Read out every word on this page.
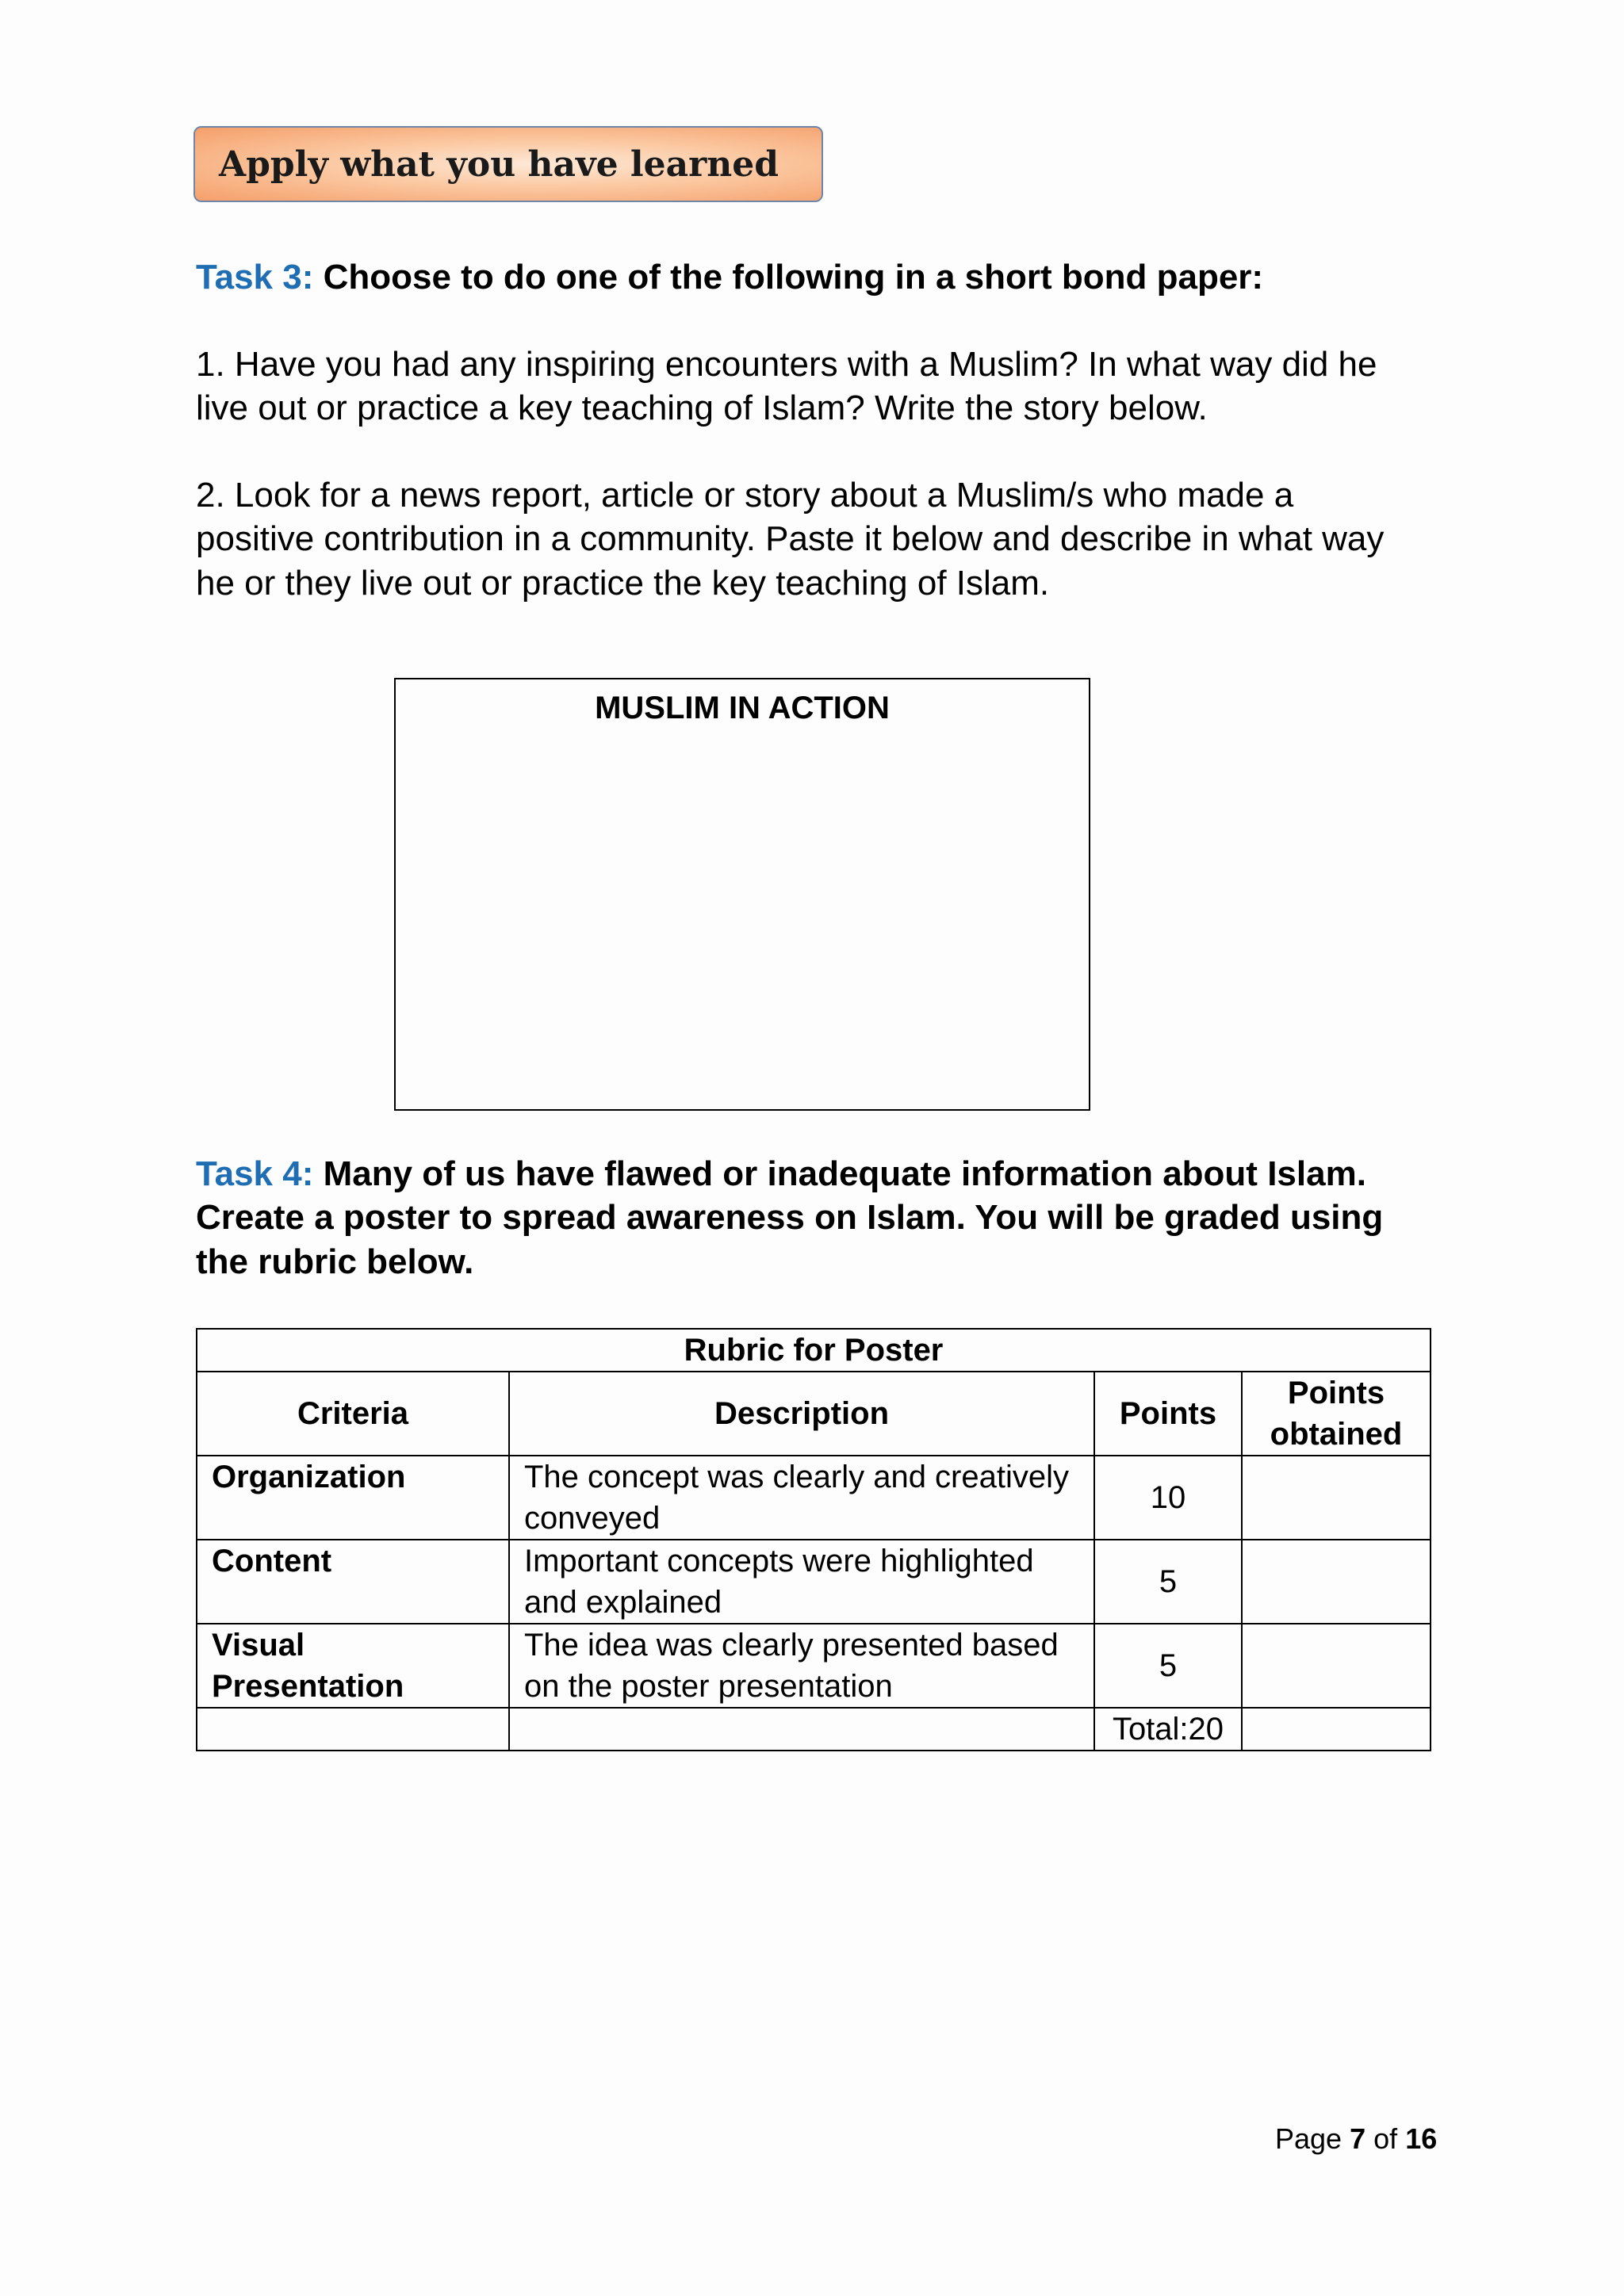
Apply what you have learned
Task 3: Choose to do one of the following in a short bond paper:
1. Have you had any inspiring encounters with a Muslim? In what way did he
live out or practice a key teaching of Islam? Write the story below.
2. Look for a news report, article or story about a Muslim/s who made a
positive contribution in a community. Paste it below and describe in what way
he or they live out or practice the key teaching of Islam.
MUSLIM IN ACTION
Task 4: Many of us have flawed or inadequate information about Islam.
Create a poster to spread awareness on Islam. You will be graded using
the rubric below.
Rubric for Poster			
Criteria	Description	Points	Points obtained
Organization	The concept was clearly and creatively conveyed	10	
Content	Important concepts were highlighted and explained	5	
Visual Presentation	The idea was clearly presented based on the poster presentation	5	
		Total:20	
Page 7 of 16
